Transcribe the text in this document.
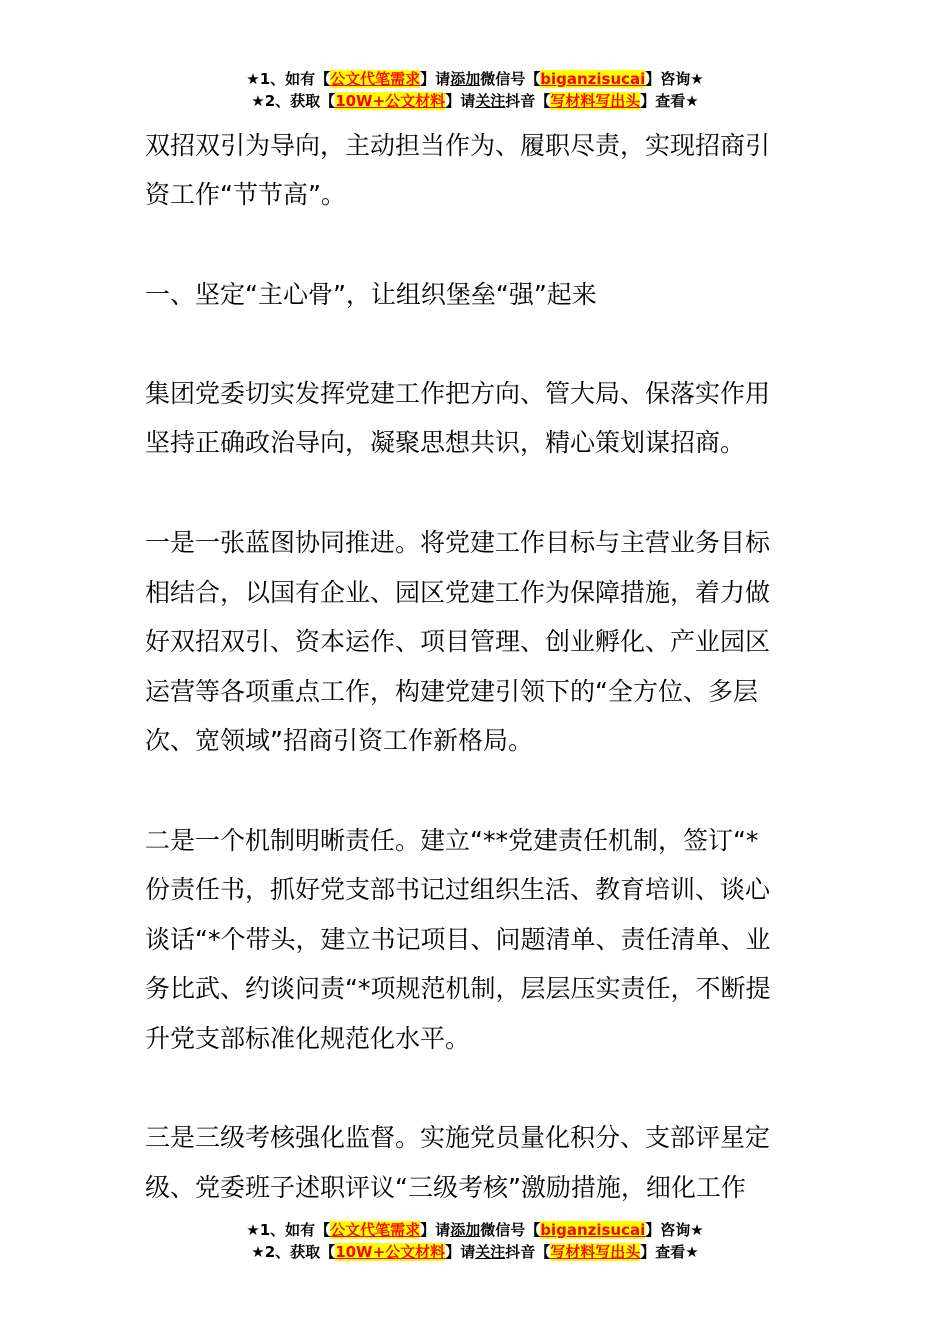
★1、如有【公文代笔需求】请添加微信号【biganzisucai】咨询★
★2、获取【10W+公文材料】请关注抖音【写材料写出头】查看★
双招双引为导向，主动担当作为、履职尽责，实现招商引
资工作“节节高”。
一、坚定“主心骨”，让组织堡垒“强”起来
集团党委切实发挥党建工作把方向、管大局、保落实作用
坚持正确政治导向，凝聚思想共识，精心策划谋招商。
一是一张蓝图协同推进。将党建工作目标与主营业务目标
相结合，以国有企业、园区党建工作为保障措施，着力做
好双招双引、资本运作、项目管理、创业孵化、产业园区
运营等各项重点工作，构建党建引领下的“全方位、多层
次、宽领域”招商引资工作新格局。
二是一个机制明晰责任。建立“**党建责任机制，签订“*
份责任书，抓好党支部书记过组织生活、教育培训、谈心
谈话“*个带头，建立书记项目、问题清单、责任清单、业
务比武、约谈问责“*项规范机制，层层压实责任，不断提
升党支部标准化规范化水平。
三是三级考核强化监督。实施党员量化积分、支部评星定
级、党委班子述职评议“三级考核”激励措施，细化工作
★1、如有【公文代笔需求】请添加微信号【biganzisucai】咨询★
★2、获取【10W+公文材料】请关注抖音【写材料写出头】查看★
